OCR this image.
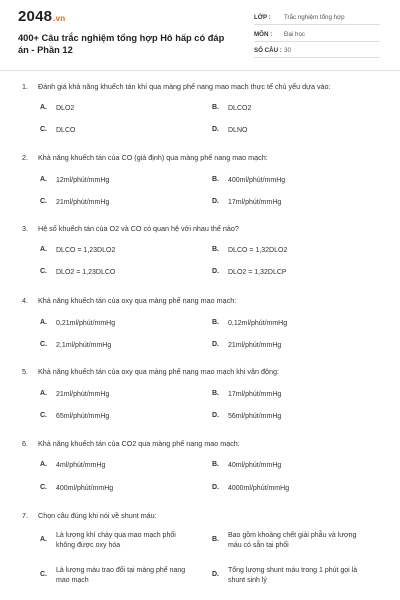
2048.vn
400+ Câu trắc nghiệm tổng hợp Hô hấp có đáp án - Phần 12
LỚP : Trắc nghiệm tổng hợp
MÔN : Đại học
SỐ CÂU : 30
1. Đánh giá khả năng khuếch tán khí qua màng phế nang mao mạch thực tế chủ yếu dựa vào:
A. DLO2	B. DLCO2
C. DLCO	D. DLNO
2. Khả năng khuếch tán của CO (giả định) qua màng phế nang mao mạch:
A. 12ml/phút/mmHg	B. 400ml/phút/mmHg
C. 21ml/phút/mmHg	D. 17ml/phút/mmHg
3. Hệ số khuếch tán của O2 và CO có quan hệ với nhau thế nào?
A. DLCO = 1,23DLO2	B. DLCO = 1,32DLO2
C. DLO2 = 1,23DLCO	D. DLO2 = 1,32DLCP
4. Khả năng khuếch tán của oxy qua màng phế nang mao mạch:
A. 0,21ml/phút/mmHg	B. 0,12ml/phút/mmHg
C. 2,1ml/phút/mmHg	D. 21ml/phút/mmHg
5. Khả năng khuếch tán của oxy qua màng phế nang mao mạch khi vận động:
A. 21ml/phút/mmHg	B. 17ml/phút/mmHg
C. 65ml/phút/mmHg	D. 56ml/phút/mmHg
6. Khả năng khuếch tán của CO2 qua màng phế nang mao mạch:
A. 4ml/phút/mmHg	B. 40ml/phút/mmHg
C. 400ml/phút/mmHg	D. 4000ml/phút/mmHg
7. Chọn câu đúng khi nói về shunt máu:
A.
Là lượng khí chảy qua mao mạch phổi không được oxy hóa
B.
Bao gồm khoảng chết giải phẫu và lượng máu có sẵn tại phổi
C.
Là lượng máu trao đổi tại màng phế nang mao mạch
D.
Tổng lượng shunt máu trong 1 phút gọi là shunt sinh lý
